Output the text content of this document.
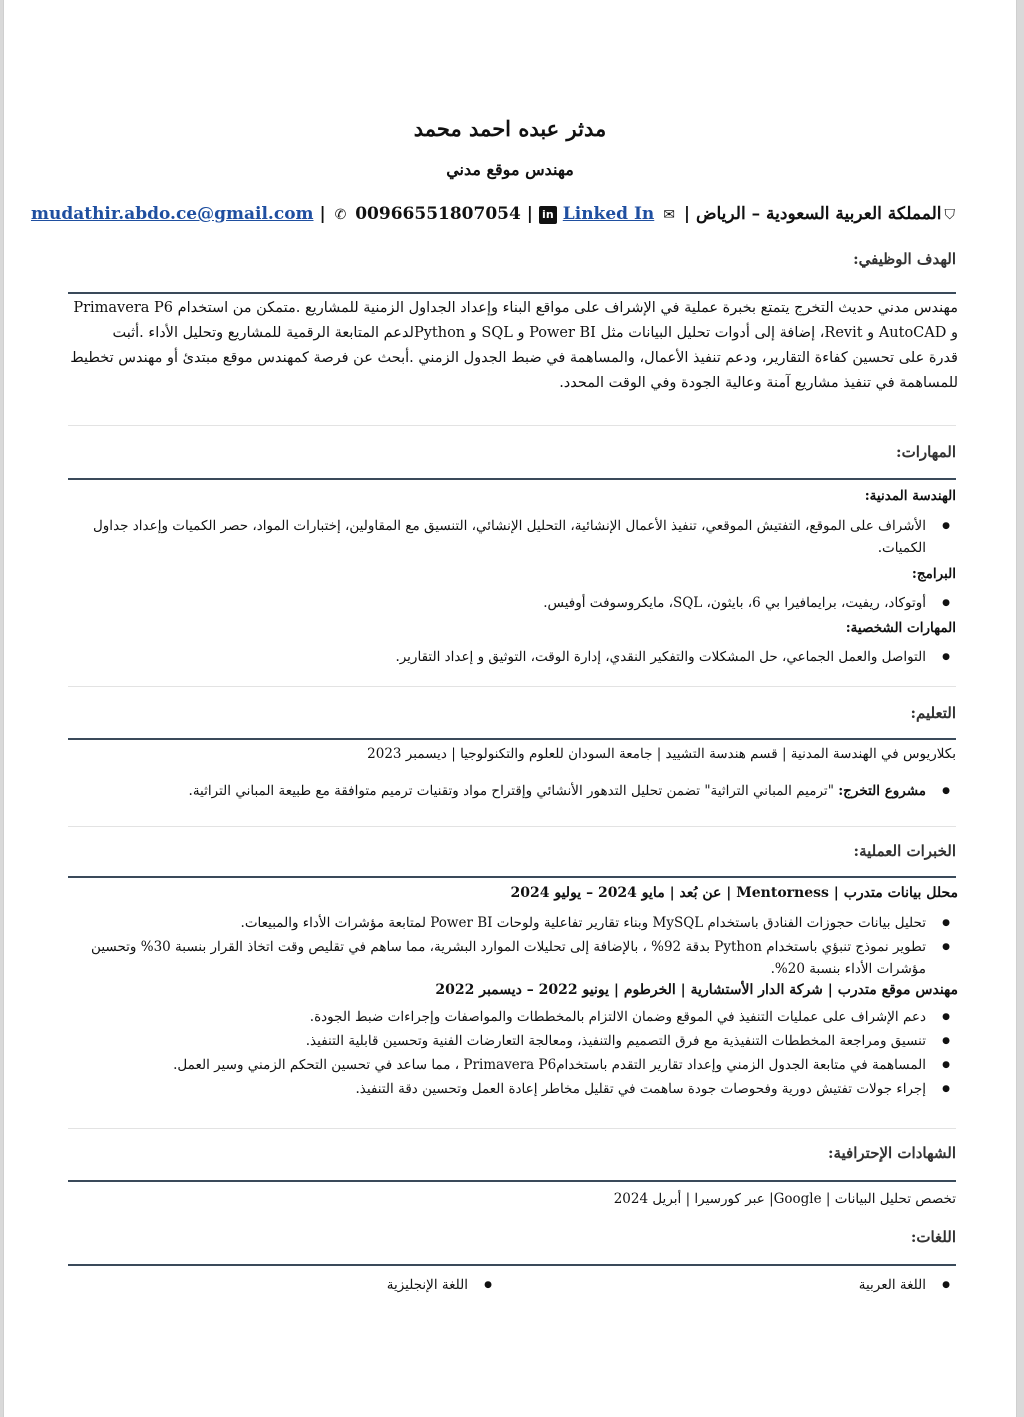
مدثر عبده احمد محمد
مهندس موقع مدني
⛉المملكة العربية السعودية – الرياض | ✉ mudathir.abdo.ce@gmail.com | ✆ 00966551807054 | in Linked In
الهدف الوظيفي:
مهندس مدني حديث التخرج يتمتع بخبرة عملية في الإشراف على مواقع البناء وإعداد الجداول الزمنية للمشاريع .متمكن من استخدام Primavera P6
و AutoCAD و Revit، إضافة إلى أدوات تحليل البيانات مثل Power BI و SQL و Pythonلدعم المتابعة الرقمية للمشاريع وتحليل الأداء .أثبت
قدرة على تحسين كفاءة التقارير، ودعم تنفيذ الأعمال، والمساهمة في ضبط الجدول الزمني .أبحث عن فرصة كمهندس موقع مبتدئ أو مهندس تخطيط
للمساهمة في تنفيذ مشاريع آمنة وعالية الجودة وفي الوقت المحدد.
المهارات:
الهندسة المدنية:
● الأشراف على الموقع، التفتيش الموقعي، تنفيذ الأعمال الإنشائية، التحليل الإنشائي، التنسيق مع المقاولين، إختبارات المواد، حصر الكميات وإعداد جداول
الكميات.
البرامج:
● أوتوكاد، ريفيت، برايمافيرا بي 6، بايثون، SQL، مايكروسوفت أوفيس.
المهارات الشخصية:
● التواصل والعمل الجماعي، حل المشكلات والتفكير النقدي، إدارة الوقت، التوثيق و إعداد التقارير.
التعليم:
بكلاريوس في الهندسة المدنية | قسم هندسة التشييد | جامعة السودان للعلوم والتكنولوجيا | ديسمبر 2023
● مشروع التخرج: "ترميم المباني التراثية" تضمن تحليل التدهور الأنشائي وإقتراح مواد وتقنيات ترميم متوافقة مع طبيعة المباني التراثية.
الخبرات العملية:
محلل بيانات متدرب | Mentorness | عن بُعد | مايو 2024 – يوليو 2024
● تحليل بيانات حجوزات الفنادق باستخدام MySQL وبناء تقارير تفاعلية ولوحات Power BI لمتابعة مؤشرات الأداء والمبيعات.
● تطوير نموذج تنبؤي باستخدام Python بدقة 92% ، بالإضافة إلى تحليلات الموارد البشرية، مما ساهم في تقليص وقت اتخاذ القرار بنسبة 30% وتحسين
مؤشرات الأداء بنسبة 20%.
مهندس موقع متدرب | شركة الدار الأستشارية | الخرطوم | يونيو 2022 – ديسمبر 2022
● دعم الإشراف على عمليات التنفيذ في الموقع وضمان الالتزام بالمخططات والمواصفات وإجراءات ضبط الجودة.
● تنسيق ومراجعة المخططات التنفيذية مع فرق التصميم والتنفيذ، ومعالجة التعارضات الفنية وتحسين قابلية التنفيذ.
● المساهمة في متابعة الجدول الزمني وإعداد تقارير التقدم باستخدامPrimavera P6 ، مما ساعد في تحسين التحكم الزمني وسير العمل.
● إجراء جولات تفتيش دورية وفحوصات جودة ساهمت في تقليل مخاطر إعادة العمل وتحسين دقة التنفيذ.
الشهادات الإحترافية:
تخصص تحليل البيانات | Google| عبر كورسيرا | أبريل 2024
اللغات:
● اللغة العربية
● اللغة الإنجليزية
